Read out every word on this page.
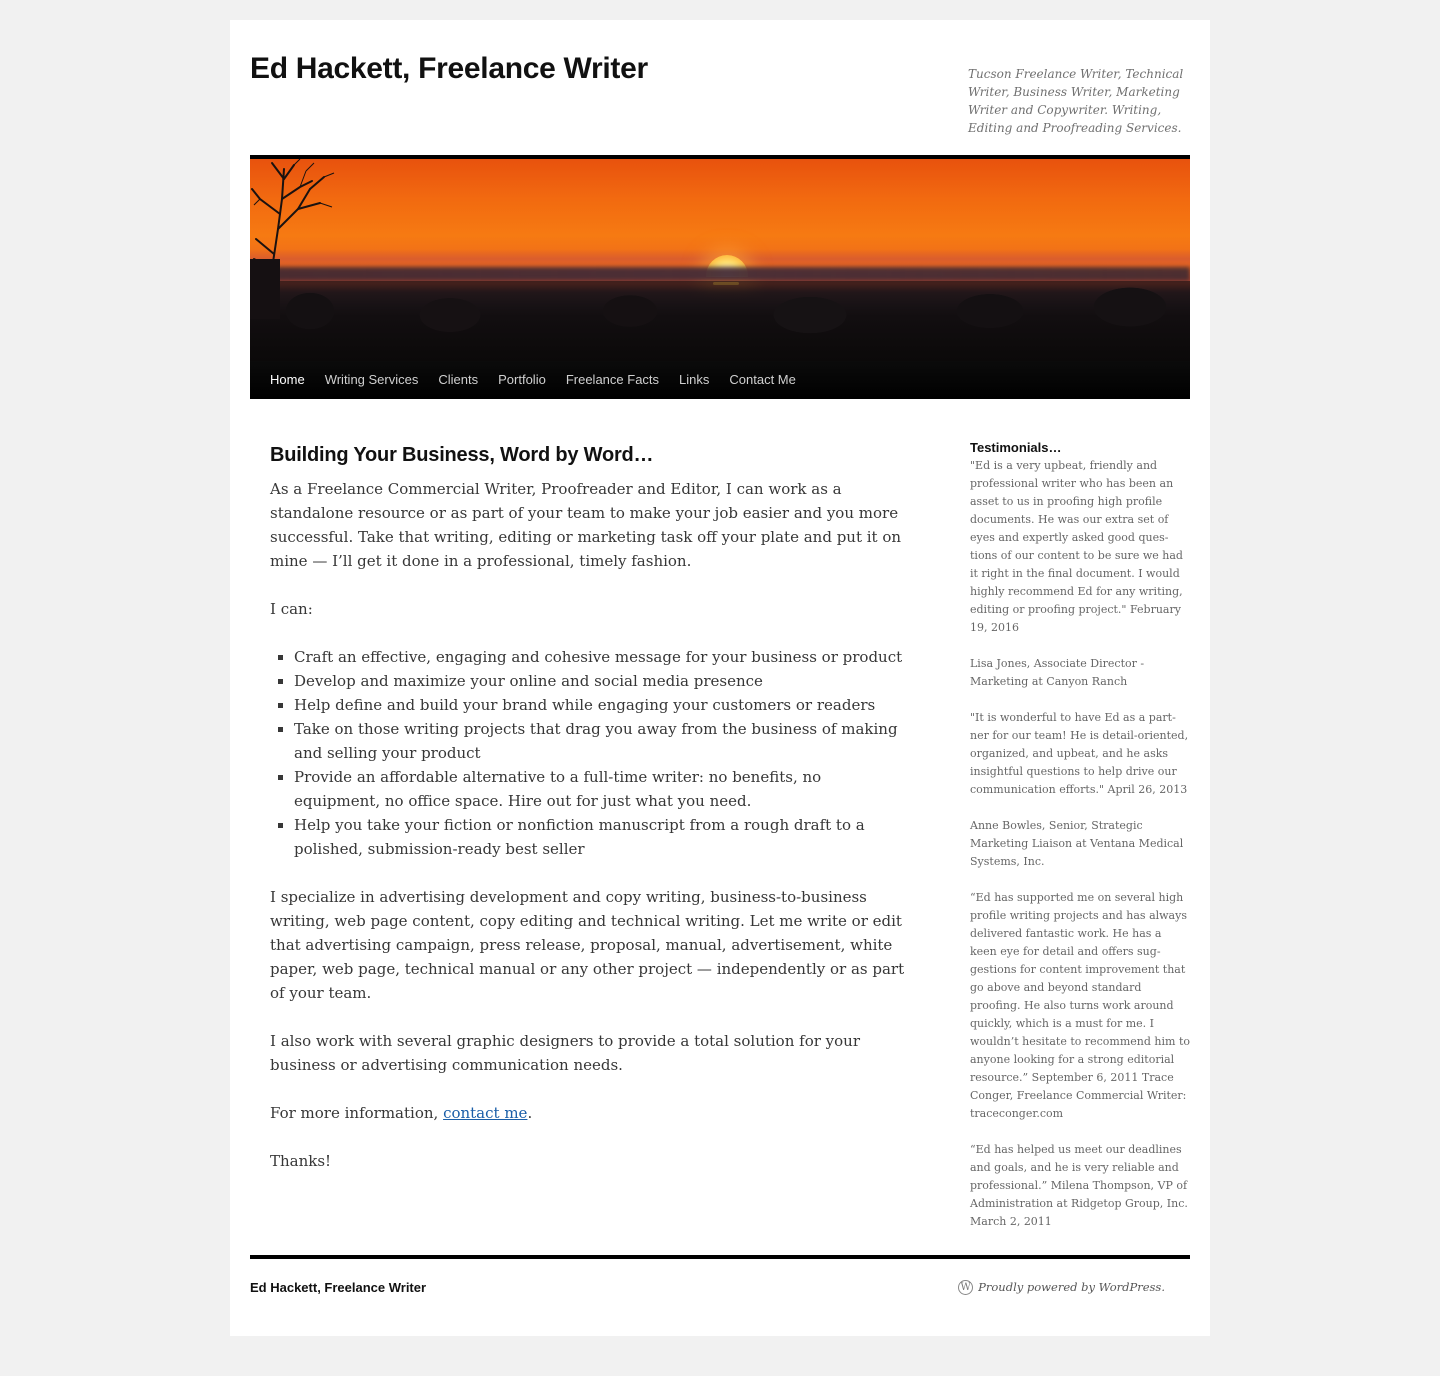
Ed Hackett, Freelance Writer	Tucson Freelance Writer, Technical Writer, Business Writer, Marketing Writer and Copywriter. Writing, Editing and Proofreading Services.

Home	Writing Services	Clients	Portfolio	Freelance Facts	Links	Contact Me
Building Your Business, Word by Word…

As a Freelance Commercial Writer, Proofreader and Editor, I can work as a standalone resource or as part of your team to make your job easier and you more successful. Take that writing, editing or marketing task off your plate and put it on mine — I’ll get it done in a professional, timely fashion.

I can:

▪ Craft an effective, engaging and cohesive message for your business or product
▪ Develop and maximize your online and social media presence
▪ Help define and build your brand while engaging your customers or readers
▪ Take on those writing projects that drag you away from the business of making and selling your product
▪ Provide an affordable alternative to a full-time writer: no benefits, no equipment, no office space. Hire out for just what you need.
▪ Help you take your fiction or nonfiction manuscript from a rough draft to a polished, submission-ready best seller

I specialize in advertising development and copy writing, business-to-business writing, web page content, copy editing and technical writing. Let me write or edit that advertising campaign, press release, proposal, manual, advertisement, white paper, web page, technical manual or any other project — independently or as part of your team.

I also work with several graphic designers to provide a total solution for your business or advertising communication needs.

For more information, contact me.

Thanks!

Testimonials…

"Ed is a very upbeat, friendly and professional writer who has been an asset to us in proofing high profile documents. He was our extra set of eyes and expertly asked good questions of our content to be sure we had it right in the final document. I would highly recommend Ed for any writing, editing or proofing project." February 19, 2016

Lisa Jones, Associate Director - Marketing at Canyon Ranch

"It is wonderful to have Ed as a partner for our team! He is detail-oriented, organized, and upbeat, and he asks insightful questions to help drive our communication efforts." April 26, 2013

Anne Bowles, Senior, Strategic Marketing Liaison at Ventana Medical Systems, Inc.

“Ed has supported me on several high profile writing projects and has always delivered fantastic work. He has a keen eye for detail and offers suggestions for content improvement that go above and beyond standard proofing. He also turns work around quickly, which is a must for me. I wouldn’t hesitate to recommend him to anyone looking for a strong editorial resource.” September 6, 2011 Trace Conger, Freelance Commercial Writer: traceconger.com

“Ed has helped us meet our deadlines and goals, and he is very reliable and professional.” Milena Thompson, VP of Administration at Ridgetop Group, Inc. March 2, 2011

Ed Hackett, Freelance Writer	W Proudly powered by WordPress.
